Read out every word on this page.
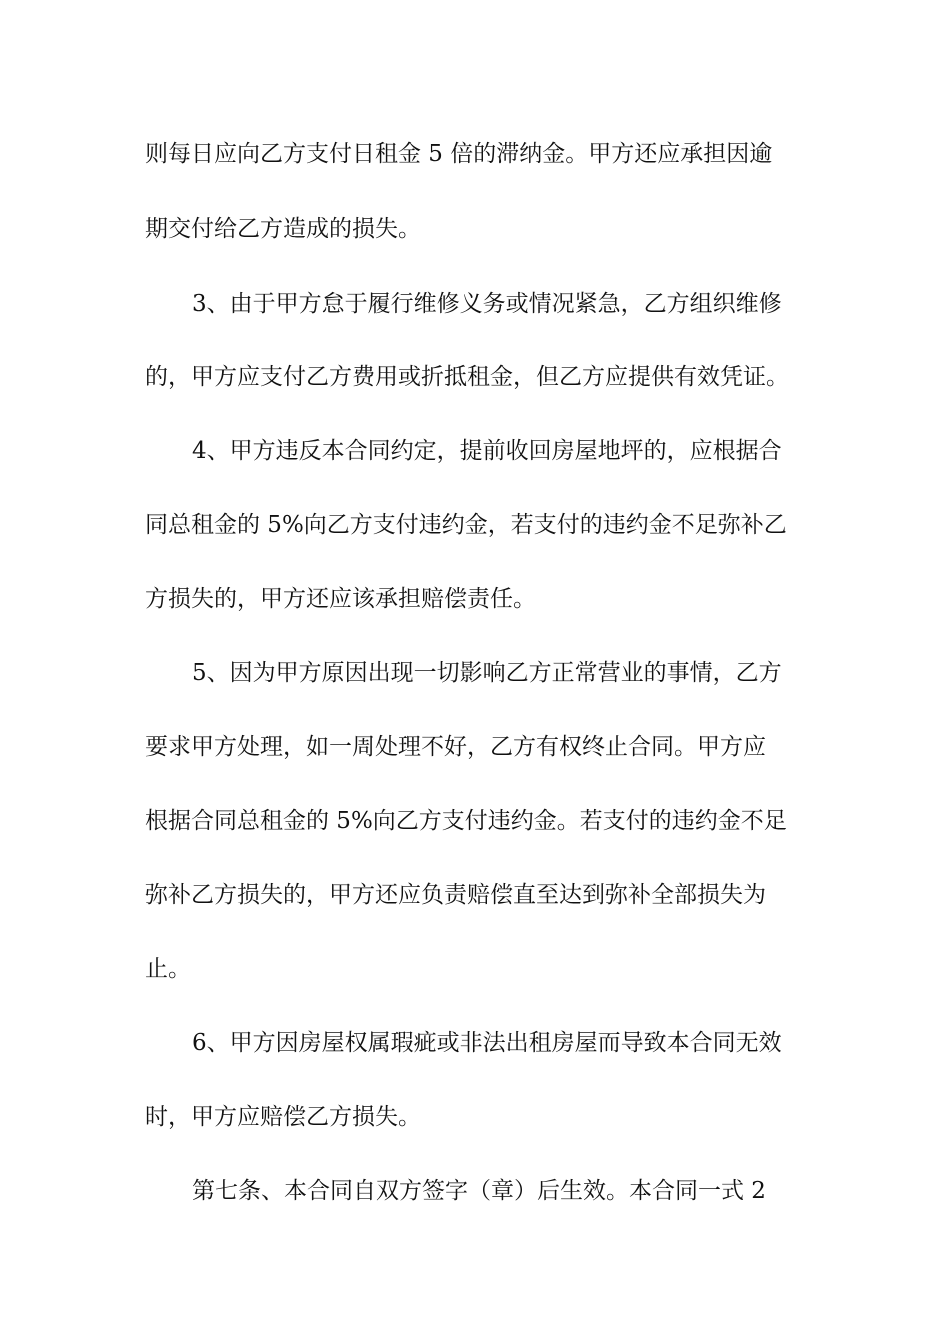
则每日应向乙方支付日租金 5 倍的滞纳金。甲方还应承担因逾
期交付给乙方造成的损失。
3、由于甲方怠于履行维修义务或情况紧急，乙方组织维修
的，甲方应支付乙方费用或折抵租金，但乙方应提供有效凭证。
4、甲方违反本合同约定，提前收回房屋地坪的，应根据合
同总租金的 5%向乙方支付违约金，若支付的违约金不足弥补乙
方损失的，甲方还应该承担赔偿责任。
5、因为甲方原因出现一切影响乙方正常营业的事情，乙方
要求甲方处理，如一周处理不好，乙方有权终止合同。甲方应
根据合同总租金的 5%向乙方支付违约金。若支付的违约金不足
弥补乙方损失的，甲方还应负责赔偿直至达到弥补全部损失为
止。
6、甲方因房屋权属瑕疵或非法出租房屋而导致本合同无效
时，甲方应赔偿乙方损失。
第七条、本合同自双方签字（章）后生效。本合同一式 2
